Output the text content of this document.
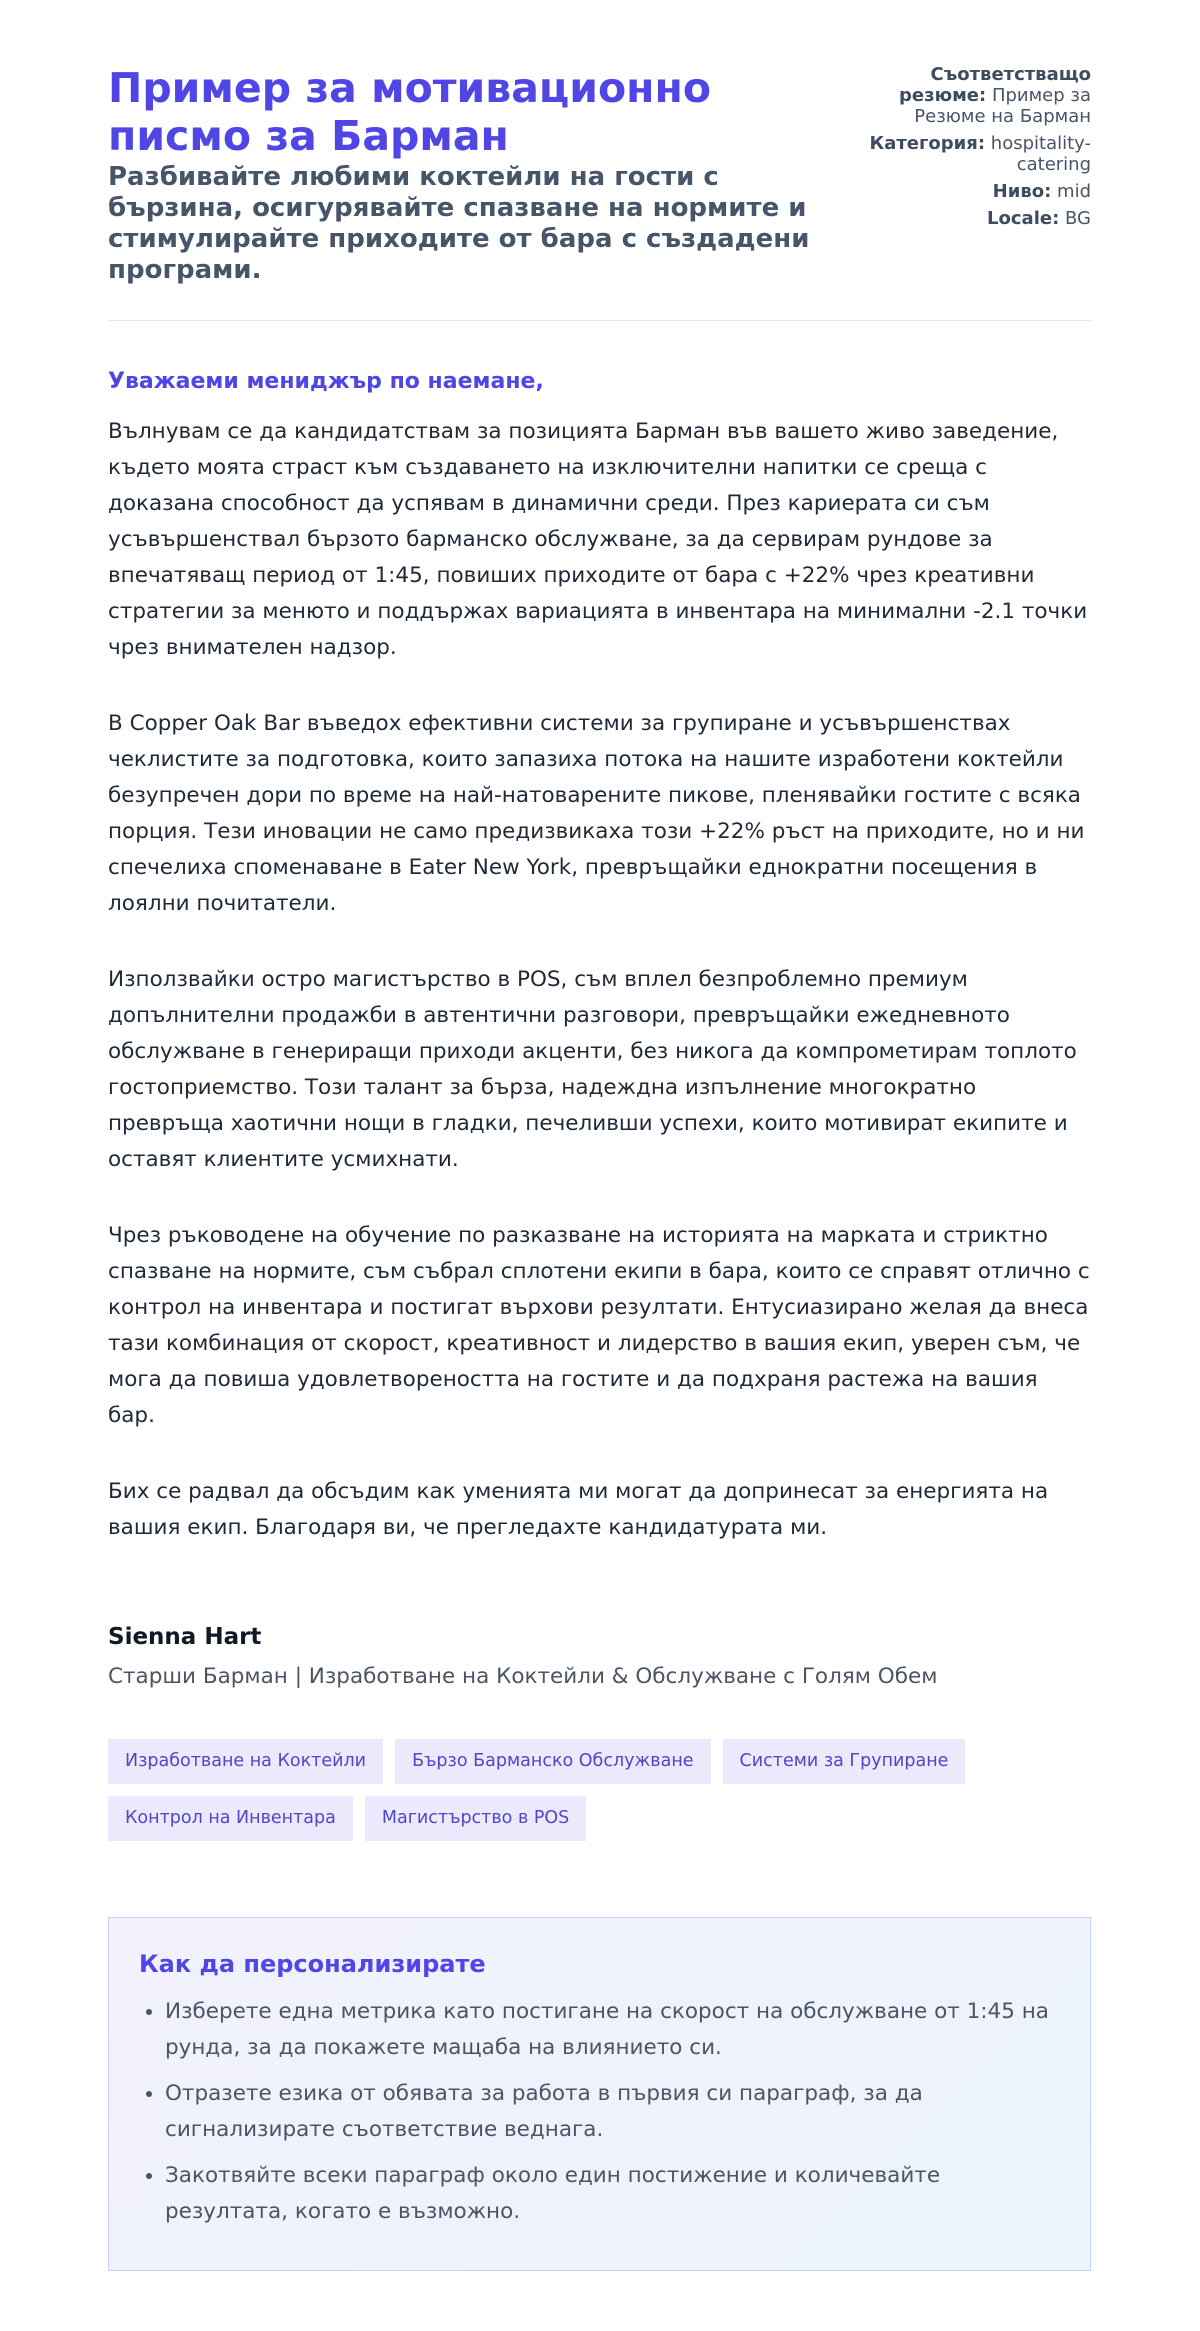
Пример за мотивационно писмо за Барман

Разбивайте любими коктейли на гости с бързина, осигурявайте спазване на нормите и стимулирайте приходите от бара с създадени програми.

Съответстващо резюме: Пример за Резюме на Барман
Категория: hospitality-catering
Ниво: mid
Locale: BG
Уважаеми мениджър по наемане,

Вълнувам се да кандидатствам за позицията Барман във вашето живо заведение, където моята страст към създаването на изключителни напитки се среща с доказана способност да успявам в динамични среди. През кариерата си съм усъвършенствал бързото барманско обслужване, за да сервирам рундове за впечатяващ период от 1:45, повиших приходите от бара с +22% чрез креативни стратегии за менюто и поддържах вариацията в инвентара на минимални -2.1 точки чрез внимателен надзор.

В Copper Oak Bar въведох ефективни системи за групиране и усъвършенствах чеклистите за подготовка, които запазиха потока на нашите изработени коктейли безупречен дори по време на най-натоварените пикове, пленявайки гостите с всяка порция. Тези иновации не само предизвикаха този +22% ръст на приходите, но и ни спечелиха споменаване в Eater New York, превръщайки еднократни посещения в лоялни почитатели.

Използвайки остро магистърство в POS, съм вплел безпроблемно премиум допълнителни продажби в автентични разговори, превръщайки ежедневното обслужване в генериращи приходи акценти, без никога да компрометирам топлото гостоприемство. Този талант за бърза, надеждна изпълнение многократно превръща хаотични нощи в гладки, печеливши успехи, които мотивират екипите и оставят клиентите усмихнати.

Чрез ръководене на обучение по разказване на историята на марката и стриктно спазване на нормите, съм събрал сплотени екипи в бара, които се справят отлично с контрол на инвентара и постигат върхови резултати. Ентусиазирано желая да внеса тази комбинация от скорост, креативност и лидерство в вашия екип, уверен съм, че мога да повиша удовлетвореността на гостите и да подхраня растежа на вашия бар.

Бих се радвал да обсъдим как уменията ми могат да допринесат за енергията на вашия екип. Благодаря ви, че прегледахте кандидатурата ми.

Sienna Hart
Старши Барман | Изработване на Коктейли & Обслужване с Голям Обем
Изработване на Коктейли	Бързо Барманско Обслужване	Системи за Групиране
Контрол на Инвентара	Магистърство в POS
Как да персонализирате
• Изберете една метрика като постигане на скорост на обслужване от 1:45 на рунда, за да покажете мащаба на влиянието си.
• Отразете езика от обявата за работа в първия си параграф, за да сигнализирате съответствие веднага.
• Закотвяйте всеки параграф около един постижение и количевайте резултата, когато е възможно.
